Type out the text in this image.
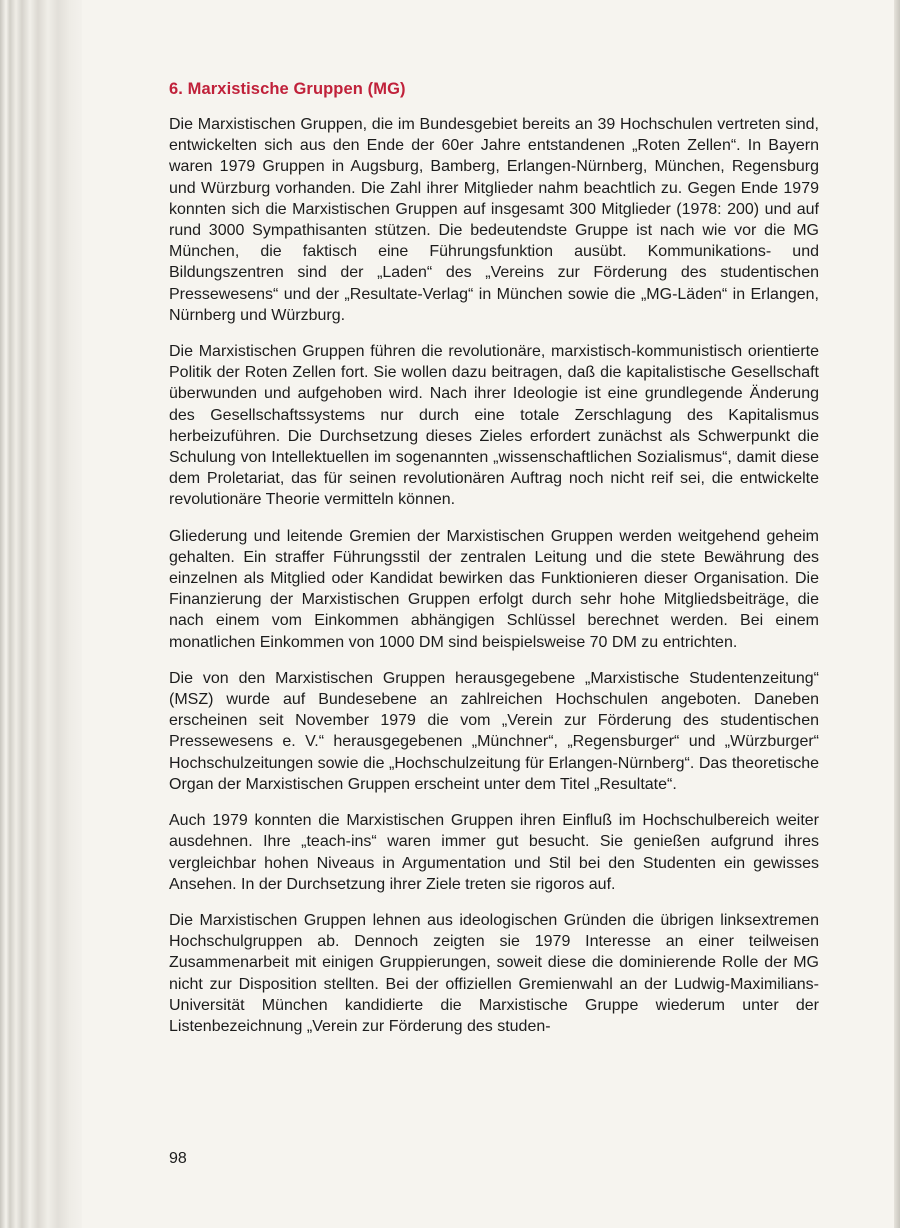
6. Marxistische Gruppen (MG)

Die Marxistischen Gruppen, die im Bundesgebiet bereits an 39 Hochschulen vertreten sind, entwickelten sich aus den Ende der 60er Jahre entstandenen „Roten Zellen“. In Bayern waren 1979 Gruppen in Augsburg, Bamberg, Erlangen-Nürnberg, München, Regensburg und Würzburg vorhanden. Die Zahl ihrer Mitglieder nahm beachtlich zu. Gegen Ende 1979 konnten sich die Marxistischen Gruppen auf insgesamt 300 Mitglieder (1978: 200) und auf rund 3000 Sympathisanten stützen. Die bedeutendste Gruppe ist nach wie vor die MG München, die faktisch eine Führungsfunktion ausübt. Kommunikations- und Bildungszentren sind der „Laden“ des „Vereins zur Förderung des studentischen Pressewesens“ und der „Resultate-Verlag“ in München sowie die „MG-Läden“ in Erlangen, Nürnberg und Würzburg.

Die Marxistischen Gruppen führen die revolutionäre, marxistisch-kommunistisch orientierte Politik der Roten Zellen fort. Sie wollen dazu beitragen, daß die kapitalistische Gesellschaft überwunden und aufgehoben wird. Nach ihrer Ideologie ist eine grundlegende Änderung des Gesellschaftssystems nur durch eine totale Zerschlagung des Kapitalismus herbeizuführen. Die Durchsetzung dieses Zieles erfordert zunächst als Schwerpunkt die Schulung von Intellektuellen im sogenannten „wissenschaftlichen Sozialismus“, damit diese dem Proletariat, das für seinen revolutionären Auftrag noch nicht reif sei, die entwickelte revolutionäre Theorie vermitteln können.

Gliederung und leitende Gremien der Marxistischen Gruppen werden weitgehend geheim gehalten. Ein straffer Führungsstil der zentralen Leitung und die stete Bewährung des einzelnen als Mitglied oder Kandidat bewirken das Funktionieren dieser Organisation. Die Finanzierung der Marxistischen Gruppen erfolgt durch sehr hohe Mitgliedsbeiträge, die nach einem vom Einkommen abhängigen Schlüssel berechnet werden. Bei einem monatlichen Einkommen von 1000 DM sind beispielsweise 70 DM zu entrichten.

Die von den Marxistischen Gruppen herausgegebene „Marxistische Studentenzeitung“ (MSZ) wurde auf Bundesebene an zahlreichen Hochschulen angeboten. Daneben erscheinen seit November 1979 die vom „Verein zur Förderung des studentischen Pressewesens e. V.“ herausgegebenen „Münchner“, „Regensburger“ und „Würzburger“ Hochschulzeitungen sowie die „Hochschulzeitung für Erlangen-Nürnberg“. Das theoretische Organ der Marxistischen Gruppen erscheint unter dem Titel „Resultate“.

Auch 1979 konnten die Marxistischen Gruppen ihren Einfluß im Hochschulbereich weiter ausdehnen. Ihre „teach-ins“ waren immer gut besucht. Sie genießen aufgrund ihres vergleichbar hohen Niveaus in Argumentation und Stil bei den Studenten ein gewisses Ansehen. In der Durchsetzung ihrer Ziele treten sie rigoros auf.

Die Marxistischen Gruppen lehnen aus ideologischen Gründen die übrigen linksextremen Hochschulgruppen ab. Dennoch zeigten sie 1979 Interesse an einer teilweisen Zusammenarbeit mit einigen Gruppierungen, soweit diese die dominierende Rolle der MG nicht zur Disposition stellten. Bei der offiziellen Gremienwahl an der Ludwig-Maximilians-Universität München kandidierte die Marxistische Gruppe wiederum unter der Listenbezeichnung „Verein zur Förderung des studen-

98
